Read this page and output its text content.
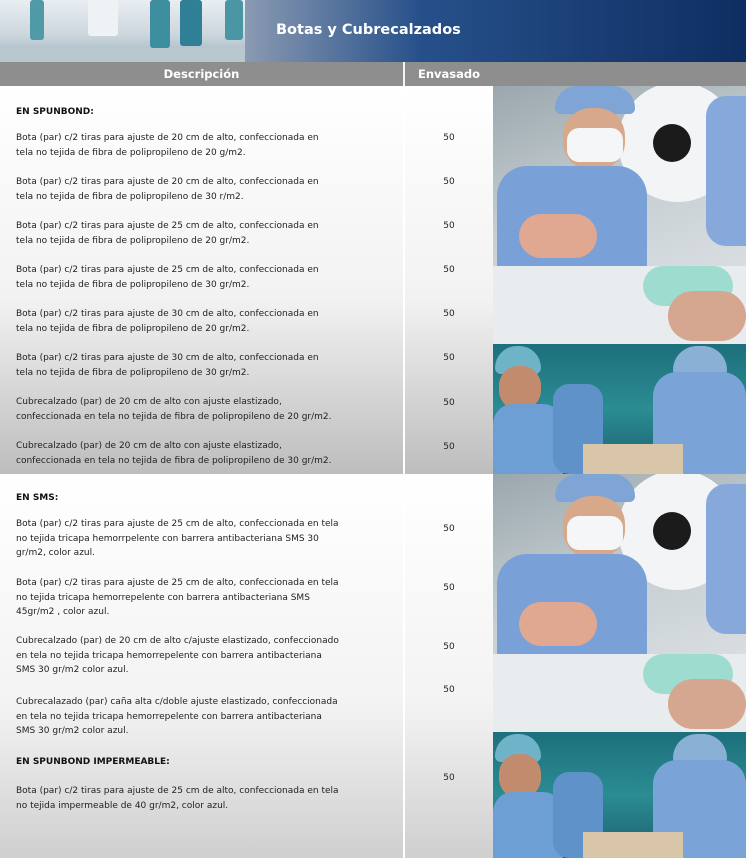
Botas y Cubrecalzados
Descripción	Envasado
EN SPUNBOND:
Bota (par) c/2 tiras para ajuste de 20 cm de alto, confeccionada en
tela no tejida de fibra de polipropileno de 20 g/m2.
50
Bota (par) c/2 tiras para ajuste de 20 cm de alto, confeccionada en
tela no tejida de fibra de polipropileno de 30 r/m2.
50
Bota (par) c/2 tiras para ajuste de 25 cm de alto, confeccionada en
tela no tejida de fibra de polipropileno de 20 gr/m2.
50
Bota (par) c/2 tiras para ajuste de 25 cm de alto, confeccionada en
tela no tejida de fibra de polipropileno de 30 gr/m2.
50
Bota (par) c/2 tiras para ajuste de 30 cm de alto, confeccionada en
tela no tejida de fibra de polipropileno de 20 gr/m2.
50
Bota (par) c/2 tiras para ajuste de 30 cm de alto, confeccionada en
tela no tejida de fibra de polipropileno de 30 gr/m2.
50
Cubrecalzado (par) de 20 cm de alto con ajuste elastizado,
confeccionada en tela no tejida de fibra de polipropileno de 20 gr/m2.
50
Cubrecalzado (par) de 20 cm de alto con ajuste elastizado,
confeccionada en tela no tejida de fibra de polipropileno de 30 gr/m2.
50
EN SMS:
Bota (par) c/2 tiras para ajuste de 25 cm de alto, confeccionada en tela
no tejida tricapa hemorrpelente con barrera antibacteriana SMS 30
gr/m2, color azul.
50
Bota (par) c/2 tiras para ajuste de 25 cm de alto, confeccionada en tela
no tejida tricapa hemorrepelente con barrera antibacteriana SMS
45gr/m2 , color azul.
50
Cubrecalzado (par) de 20 cm de alto c/ajuste elastizado, confeccionado
en tela no tejida tricapa hemorrepelente con barrera antibacteriana
SMS 30 gr/m2 color azul.
50
50
Cubrecalazado (par) caña alta c/doble ajuste elastizado, confeccionada
en tela no tejida tricapa hemorrepelente con barrera antibacteriana
SMS 30 gr/m2 color azul.
EN SPUNBOND IMPERMEABLE:
50
Bota (par) c/2 tiras para ajuste de 25 cm de alto, confeccionada en tela
no tejida impermeable de 40 gr/m2, color azul.
